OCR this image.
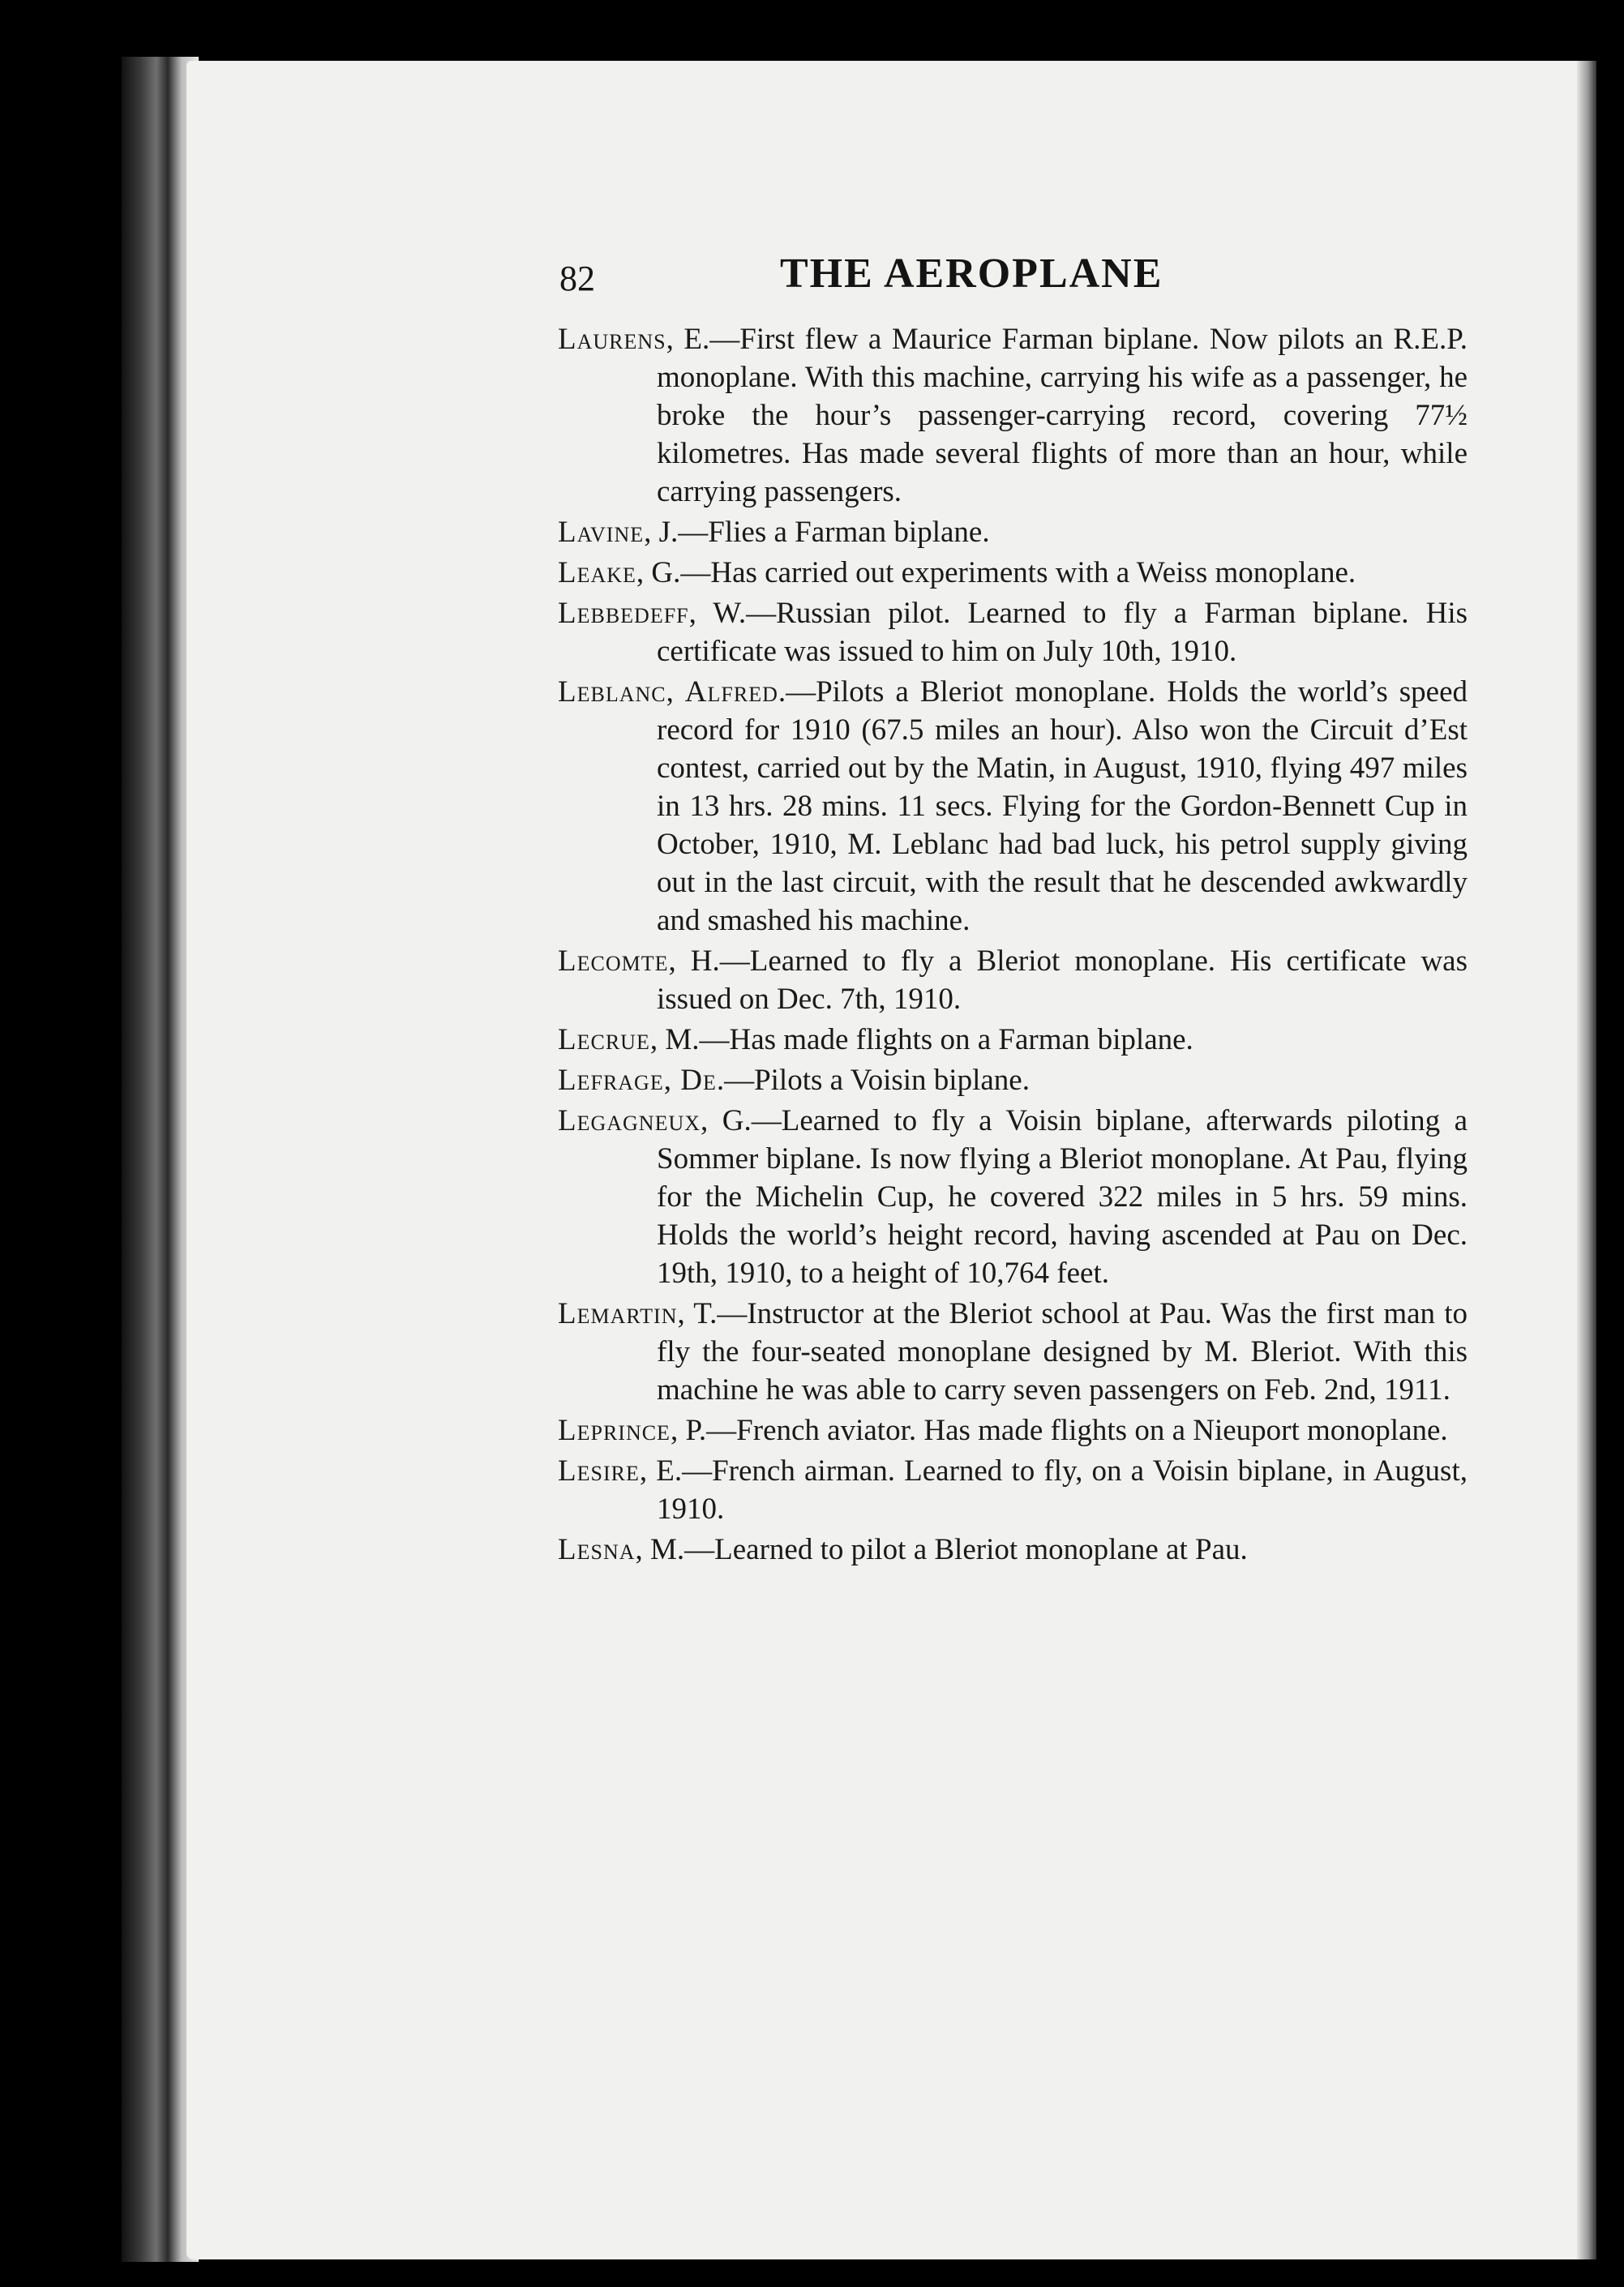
82	THE AEROPLANE

Laurens, E.—First flew a Maurice Farman biplane. Now pilots an R.E.P. monoplane. With this machine, carrying his wife as a passenger, he broke the hour’s passenger-carrying record, covering 77½ kilometres. Has made several flights of more than an hour, while carrying passengers.

Lavine, J.—Flies a Farman biplane.

Leake, G.—Has carried out experiments with a Weiss monoplane.

Lebbedeff, W.—Russian pilot. Learned to fly a Farman biplane. His certificate was issued to him on July 10th, 1910.

Leblanc, Alfred.—Pilots a Bleriot monoplane. Holds the world’s speed record for 1910 (67.5 miles an hour). Also won the Circuit d’Est contest, carried out by the Matin, in August, 1910, flying 497 miles in 13 hrs. 28 mins. 11 secs. Flying for the Gordon-Bennett Cup in October, 1910, M. Leblanc had bad luck, his petrol supply giving out in the last circuit, with the result that he descended awkwardly and smashed his machine.

Lecomte, H.—Learned to fly a Bleriot monoplane. His certificate was issued on Dec. 7th, 1910.

Lecrue, M.—Has made flights on a Farman biplane.

Lefrage, De.—Pilots a Voisin biplane.

Legagneux, G.—Learned to fly a Voisin biplane, afterwards piloting a Sommer biplane. Is now flying a Bleriot monoplane. At Pau, flying for the Michelin Cup, he covered 322 miles in 5 hrs. 59 mins. Holds the world’s height record, having ascended at Pau on Dec. 19th, 1910, to a height of 10,764 feet.

Lemartin, T.—Instructor at the Bleriot school at Pau. Was the first man to fly the four-seated monoplane designed by M. Bleriot. With this machine he was able to carry seven passengers on Feb. 2nd, 1911.

Leprince, P.—French aviator. Has made flights on a Nieuport monoplane.

Lesire, E.—French airman. Learned to fly, on a Voisin biplane, in August, 1910.

Lesna, M.—Learned to pilot a Bleriot monoplane at Pau.
